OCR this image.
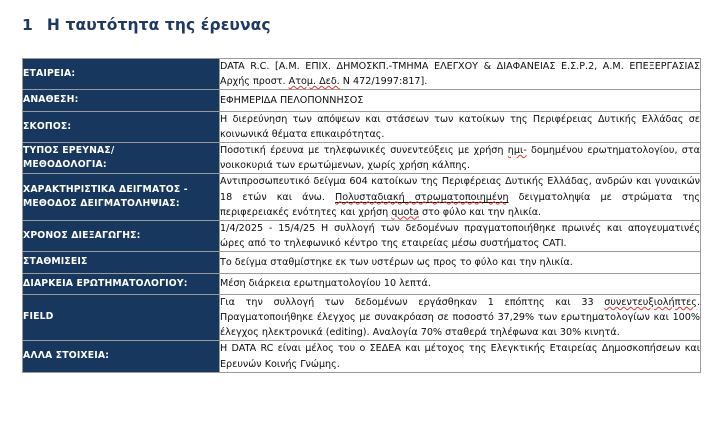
1 Η ταυτότητα της έρευνας
ΕΤΑΙΡΕΙΑ:	DATA R.C. [Α.Μ. ΕΠΙΧ. ΔΗΜΟΣΚΠ.-ΤΜΗΜΑ ΕΛΕΓΧΟΥ & ΔΙΑΦΑΝΕΙΑΣ Ε.Σ.Ρ.2, Α.Μ. ΕΠΕΞΕΡΓΑΣΙΑΣ Αρχής προστ. Ατομ. Δεδ. Ν 472/1997:817].

ΑΝΑΘΕΣΗ:	ΕΦΗΜΕΡΙΔΑ ΠΕΛΟΠΟΝΝΗΣΟΣ

ΣΚΟΠΟΣ:	Η διερεύνηση των απόψεων και στάσεων των κατοίκων της Περιφέρειας Δυτικής Ελλάδας σε κοινωνικά θέματα επικαιρότητας.

ΤΥΠΟΣ ΕΡΕΥΝΑΣ/
ΜΕΘΟΔΟΛΟΓΙΑ:	Ποσοτική έρευνα με τηλεφωνικές συνεντεύξεις με χρήση ημι- δομημένου ερωτηματολογίου, στα νοικοκυριά των ερωτώμενων, χωρίς χρήση κάλπης.

ΧΑΡΑΚΤΗΡΙΣΤΙΚΑ ΔΕΙΓΜΑΤΟΣ -
ΜΕΘΟΔΟΣ ΔΕΙΓΜΑΤΟΛΗΨΙΑΣ:	Αντιπροσωπευτικό δείγμα 604 κατοίκων της Περιφέρειας Δυτικής Ελλάδας, ανδρών και γυναικών 18 ετών και άνω. Πολυσταδιακή στρωματοποιημένη δειγματοληψία με στρώματα της περιφερειακές ενότητες και χρήση quota στο φύλο και την ηλικία.

ΧΡΟΝΟΣ ΔΙΕΞΑΓΩΓΗΣ:	1/4/2025 - 15/4/25 Η συλλογή των δεδομένων πραγματοποιήθηκε πρωινές και απογευματινές ώρες από το τηλεφωνικό κέντρο της εταιρείας μέσω συστήματος CATI.

ΣΤΑΘΜΙΣΕΙΣ	Το δείγμα σταθμίστηκε εκ των υστέρων ως προς το φύλο και την ηλικία.

ΔΙΑΡΚΕΙΑ ΕΡΩΤΗΜΑΤΟΛΟΓΙΟΥ:	Μέση διάρκεια ερωτηματολογίου 10 λεπτά.

FIELD	Για την συλλογή των δεδομένων εργάσθηκαν 1 επόπτης και 33 συνεντευξιολήπτες. Πραγματοποιήθηκε έλεγχος με συνακρόαση σε ποσοστό 37,29% των ερωτηματολογίων και 100% έλεγχος ηλεκτρονικά (editing). Αναλογία 70% σταθερά τηλέφωνα και 30% κινητά.

ΑΛΛΑ ΣΤΟΙΧΕΙΑ:	Η DATA RC είναι μέλος του ο ΣΕΔΕΑ και μέτοχος της Ελεγκτικής Εταιρείας Δημοσκοπήσεων και Ερευνών Κοινής Γνώμης.
